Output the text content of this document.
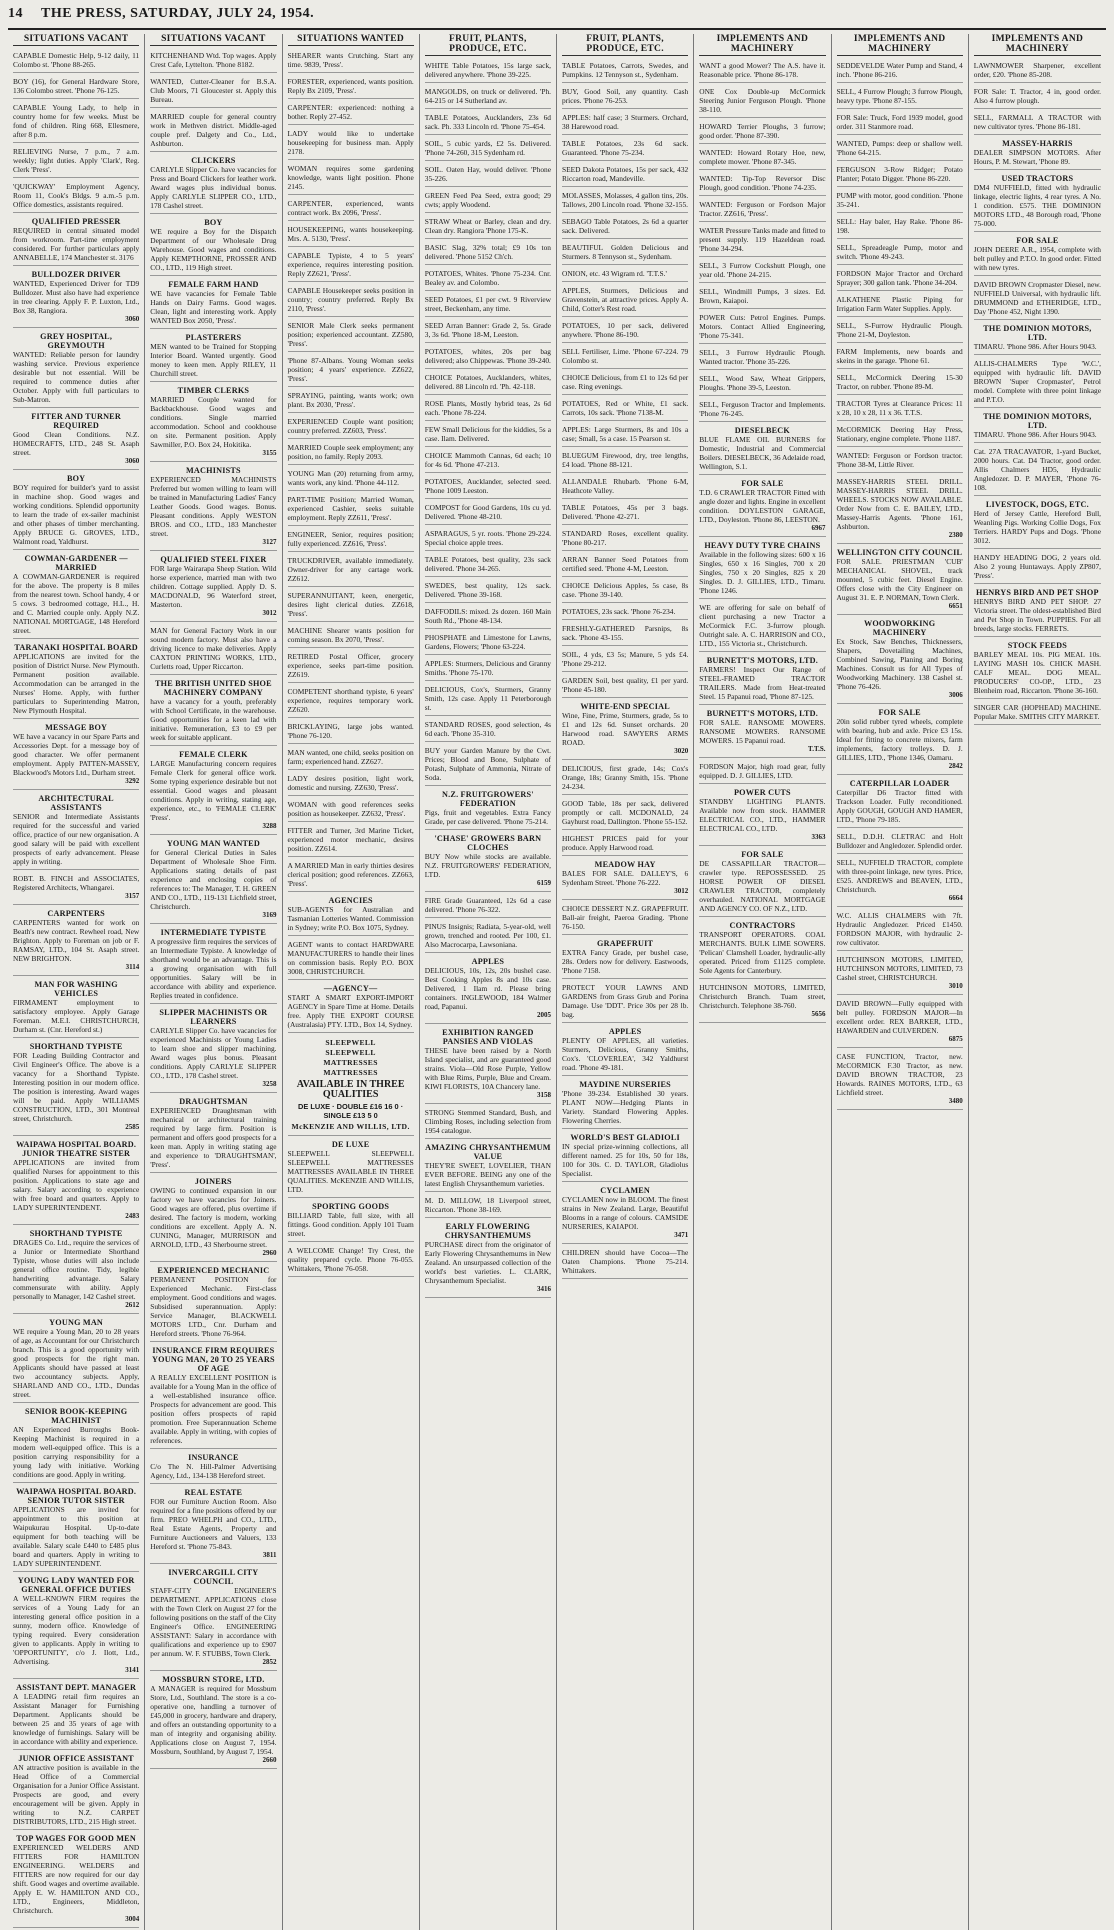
14 THE PRESS, SATURDAY, JULY 24, 1954.
SITUATIONS VACANT
CAPABLE Domestic Help, 9-12 daily, 11 Colombo st. 'Phone 88-265.
BOY (16), for General Hardware Store, 136 Colombo street. 'Phone 76-125.
CAPABLE Young Lady, to help in country home for few weeks. Must be fond of children. Ring 668, Ellesmere, after 8 p.m.
RELIEVING Nurse, 7 p.m., 7 a.m. weekly; light duties. Apply 'Clark', Reg. Clerk 'Press'.
'QUICKWAY' Employment Agency, Room 11, Cook's Bldgs. 9 a.m.-5 p.m. Office domestics, assistants required.
QUALIFIED PRESSER
REQUIRED in central situated model from workroom. Part-time employment considered. For further particulars apply ANNABELLE, 174 Manchester st. 3176
BULLDOZER DRIVER
WANTED, Experienced Driver for TD9 Bulldozer. Must also have had experience in tree clearing. Apply F. P. Luxton, Ltd., Box 38, Rangiora.
3060
GREY HOSPITAL, GREYMOUTH
WANTED: Reliable person for laundry washing service. Previous experience desirable but not essential. Will be required to commence duties after October. Apply with full particulars to Sub-Matron.
FITTER AND TURNER REQUIRED
Good Clean Conditions. N.Z. HOMECRAFTS, LTD., 248 St. Asaph street.
3060
BOY
BOY required for builder's yard to assist in machine shop. Good wages and working conditions. Splendid opportunity to learn the trade of ex-sailer machinist and other phases of timber merchanting. Apply BRUCE G. GROVES, LTD., Walmont road, Yaldhurst.
COWMAN-GARDENER — MARRIED
A COWMAN-GARDENER is required for the above. The property is 8 miles from the nearest town. School handy, 4 or 5 cows. 3 bedroomed cottage, H.L., H. and C. Married couple only. Apply N.Z. NATIONAL MORTGAGE, 148 Hereford street.
TARANAKI HOSPITAL BOARD
APPLICATIONS are invited for the position of District Nurse. New Plymouth. Permanent position available. Accommodation can be arranged in the Nurses' Home. Apply, with further particulars to Superintending Matron, New Plymouth Hospital.
MESSAGE BOY
WE have a vacancy in our Spare Parts and Accessories Dept. for a message boy of good character. We offer permanent employment. Apply PATTEN-MASSEY, Blackwood's Motors Ltd., Durham street.
3292
ARCHITECTURAL ASSISTANTS
SENIOR and Intermediate Assistants required for the successful and varied office, practice of our new organisation. A good salary will be paid with excellent prospects of early advancement. Please apply in writing.
ROBT. B. FINCH and ASSOCIATES, Registered Architects, Whangarei.
3157
CARPENTERS
CARPENTERS wanted for work on Beath's new contract. Rewheel road, New Brighton. Apply to Foreman on job or F. RAMSAY, LTD., 104 St. Asaph street. NEW BRIGHTON.
3114
MAN FOR WASHING VEHICLES
FIRMAMENT employment to satisfactory employee. Apply Garage Foreman. M.E.I. CHRISTCHURCH, Durham st. (Cnr. Hereford st.)
SHORTHAND TYPISTE
FOR Leading Building Contractor and Civil Engineer's Office. The above is a vacancy for a Shorthand Typiste. Interesting position in our modern office. The position is interesting. Award wages will be paid. Apply WILLIAMS CONSTRUCTION, LTD., 301 Montreal street, Christchurch.
2585
WAIPAWA HOSPITAL BOARD. JUNIOR THEATRE SISTER
APPLICATIONS are invited from qualified Nurses for appointment to this position. Applications to state age and salary. Salary according to experience with free board and quarters. Apply to LADY SUPERINTENDENT.
2483
SHORTHAND TYPISTE
DRAGES Co. Ltd., require the services of a Junior or Intermediate Shorthand Typiste, whose duties will also include general office routine. Tidy, legible handwriting advantage. Salary commensurate with ability. Apply personally to Manager, 142 Cashel street.
2612
YOUNG MAN
WE require a Young Man, 20 to 28 years of age, as Accountant for our Christchurch branch. This is a good opportunity with good prospects for the right man. Applicants should have passed at least two accountancy subjects. Apply, SHARLAND AND CO., LTD., Dundas street.
SENIOR BOOK-KEEPING MACHINIST
AN Experienced Burroughs Book-Keeping Machinist is required in a modern well-equipped office. This is a position carrying responsibility for a young lady with initiative. Working conditions are good. Apply in writing.
WAIPAWA HOSPITAL BOARD. SENIOR TUTOR SISTER
APPLICATIONS are invited for appointment to this position at Waipukurau Hospital. Up-to-date equipment for both teaching will be available. Salary scale £440 to £485 plus board and quarters. Apply in writing to LADY SUPERINTENDENT.
YOUNG LADY WANTED FOR GENERAL OFFICE DUTIES
A WELL-KNOWN FIRM requires the services of a Young Lady for an interesting general office position in a sunny, modern office. Knowledge of typing required. Every consideration given to applicants. Apply in writing to 'OPPORTUNITY', c/o J. Ilott, Ltd., Advertising.
3141
ASSISTANT DEPT. MANAGER
A LEADING retail firm requires an Assistant Manager for Furnishing Department. Applicants should be between 25 and 35 years of age with knowledge of furnishings. Salary will be in accordance with ability and experience.
JUNIOR OFFICE ASSISTANT
AN attractive position is available in the Head Office of a Commercial Organisation for a Junior Office Assistant. Prospects are good, and every encouragement will be given. Apply in writing to N.Z. CARPET DISTRIBUTORS, LTD., 215 High street.
TOP WAGES FOR GOOD MEN
EXPERIENCED WELDERS AND FITTERS FOR HAMILTON ENGINEERING. WELDERS and FITTERS are now required for our day shift. Good wages and overtime available. Apply E. W. HAMILTON AND CO., LTD., Engineers, Middleton, Christchurch.
3004
SITUATIONS VACANT
KITCHENHAND Wtd. Top wages. Apply Crest Cafe, Lyttelton. 'Phone 8182.
WANTED, Cutter-Cleaner for B.S.A. Club Moors, 71 Gloucester st. Apply this Bureau.
MARRIED couple for general country work in Methven district. Middle-aged couple pref. Dalgety and Co., Ltd., Ashburton.
CLICKERS
CARLYLE Slipper Co. have vacancies for Press and Board Clickers for leather work. Award wages plus individual bonus. Apply CARLYLE SLIPPER CO., LTD., 178 Cashel street.
BOY
WE require a Boy for the Dispatch Department of our Wholesale Drug Warehouse. Good wages and conditions. Apply KEMPTHORNE, PROSSER AND CO., LTD., 119 High street.
FEMALE FARM HAND
WE have vacancies for Female Table Hands on Dairy Farms. Good wages. Clean, light and interesting work. Apply WANTED Box 2050, 'Press'.
PLASTERERS
MEN wanted to be Trained for Stopping Interior Board. Wanted urgently. Good money to keen men. Apply RILEY, 11 Churchill street.
TIMBER CLERKS
MARRIED Couple wanted for Backbackhouse. Good wages and conditions. Single married accommodation. School and cookhouse on site. Permanent position. Apply Sawmiller, P.O. Box 24, Hokitika.
3155
MACHINISTS
EXPERIENCED MACHINISTS Preferred but women willing to learn will be trained in Manufacturing Ladies' Fancy Leather Goods. Good wages. Bonus. Pleasant conditions. Apply WESTON BROS. and CO., LTD., 183 Manchester street.
3127
QUALIFIED STEEL FIXER
FOR large Wairarapa Sheep Station. Wild horse experience, married man with two children. Cottage supplied. Apply D. S. MACDONALD, 96 Waterford street, Masterton.
3012
MAN for General Factory Work in our sound modern factory. Must also have a driving licence to make deliveries. Apply CAXTON PRINTING WORKS, LTD., Curletts road, Upper Riccarton.
THE BRITISH UNITED SHOE MACHINERY COMPANY
have a vacancy for a youth, preferably with School Certificate, in the warehouse. Good opportunities for a keen lad with initiative. Remuneration, £3 to £9 per week for suitable applicant.
FEMALE CLERK
LARGE Manufacturing concern requires Female Clerk for general office work. Some typing experience desirable but not essential. Good wages and pleasant conditions. Apply in writing, stating age, experience, etc., to 'FEMALE CLERK' 'Press'.
3288
YOUNG MAN WANTED
for General Clerical Duties in Sales Department of Wholesale Shoe Firm. Applications stating details of past experience and enclosing copies of references to: The Manager, T. H. GREEN AND CO., LTD., 119-131 Lichfield street, Christchurch.
3169
INTERMEDIATE TYPISTE
A progressive firm requires the services of an Intermediate Typiste. A knowledge of shorthand would be an advantage. This is a growing organisation with full opportunities. Salary will be in accordance with ability and experience. Replies treated in confidence.
SLIPPER MACHINISTS OR LEARNERS
CARLYLE Slipper Co. have vacancies for experienced Machinists or Young Ladies to learn shoe and slipper machining. Award wages plus bonus. Pleasant conditions. Apply CARLYLE SLIPPER CO., LTD., 178 Cashel street.
3258
DRAUGHTSMAN
EXPERIENCED Draughtsman with mechanical or architectural training required by large firm. Position is permanent and offers good prospects for a keen man. Apply in writing stating age and experience to 'DRAUGHTSMAN', 'Press'.
JOINERS
OWING to continued expansion in our factory we have vacancies for Joiners. Good wages are offered, plus overtime if desired. The factory is modern, working conditions are excellent. Apply A. N. CUNING, Manager, MURRISON and ARNOLD, LTD., 43 Sherbourne street.
2960
EXPERIENCED MECHANIC
PERMANENT POSITION for Experienced Mechanic. First-class employment. Good conditions and wages. Subsidised superannuation. Apply: Service Manager, BLACKWELL MOTORS LTD., Cnr. Durham and Hereford streets. 'Phone 76-964.
INSURANCE FIRM REQUIRES YOUNG MAN, 20 TO 25 YEARS OF AGE
A REALLY EXCELLENT POSITION is available for a Young Man in the office of a well-established insurance office. Prospects for advancement are good. This position offers prospects of rapid promotion. Free Superannuation Scheme available. Apply in writing, with copies of references.
INSURANCE
C/o The N. Hill-Palmer Advertising Agency, Ltd., 134-138 Hereford street.
REAL ESTATE
FOR our Furniture Auction Room. Also required for a fine positions offered by our firm. PREO WHELPH and CO., LTD., Real Estate Agents, Property and Furniture Auctioneers and Valuers, 133 Hereford st. 'Phone 75-843.
3811
INVERCARGILL CITY COUNCIL
STAFF-CITY ENGINEER'S DEPARTMENT. APPLICATIONS close with the Town Clerk on August 27 for the following positions on the staff of the City Engineer's Office. ENGINEERING ASSISTANT: Salary in accordance with qualifications and experience up to £907 per annum. W. F. STUBBS, Town Clerk.
2852
MOSSBURN STORE, LTD.
A MANAGER is required for Mossburn Store, Ltd., Southland. The store is a co-operative one, handling a turnover of £45,000 in grocery, hardware and drapery, and offers an outstanding opportunity to a man of integrity and organising ability. Applications close on August 7, 1954. Mossburn, Southland, by August 7, 1954.
2660
SITUATIONS WANTED
SHEARER wants Crutching. Start any time. 9839, 'Press'.
FORESTER, experienced, wants position. Reply Bx 2109, 'Press'.
CARPENTER: experienced: nothing a bother. Reply 27-452.
LADY would like to undertake housekeeping for business man. Apply 2178.
WOMAN requires some gardening knowledge, wants light position. Phone 2145.
CARPENTER, experienced, wants contract work. Bx 2096, 'Press'.
HOUSEKEEPING, wants housekeeping. Mrs. A. 5130, 'Press'.
CAPABLE Typiste, 4 to 5 years' experience, requires interesting position. Reply ZZ621, 'Press'.
CAPABLE Housekeeper seeks position in country; country preferred. Reply Bx 2110, 'Press'.
SENIOR Male Clerk seeks permanent position; experienced accountant. ZZ580, 'Press'.
'Phone 87-Albans. Young Woman seeks position; 4 years' experience. ZZ622, 'Press'.
SPRAYING, painting, wants work; own plant. Bx 2030, 'Press'.
EXPERIENCED Couple want position; country preferred. ZZ603, 'Press'.
MARRIED Couple seek employment; any position, no family. Reply 2093.
YOUNG Man (20) returning from army, wants work, any kind. 'Phone 44-112.
PART-TIME Position; Married Woman, experienced Cashier, seeks suitable employment. Reply ZZ611, 'Press'.
ENGINEER, Senior, requires position; fully experienced. ZZ616, 'Press'.
TRUCKDRIVER, available immediately. Owner-driver for any cartage work. ZZ612.
SUPERANNUITANT, keen, energetic, desires light clerical duties. ZZ618, 'Press'.
MACHINE Shearer wants position for coming season. Bx 2070, 'Press'.
RETIRED Postal Officer, grocery experience, seeks part-time position. ZZ619.
COMPETENT shorthand typiste, 6 years' experience, requires temporary work. ZZ620.
BRICKLAYING, large jobs wanted. 'Phone 76-120.
MAN wanted, one child, seeks position on farm; experienced hand. ZZ627.
LADY desires position, light work, domestic and nursing. ZZ630, 'Press'.
WOMAN with good references seeks position as housekeeper. ZZ632, 'Press'.
FITTER and Turner, 3rd Marine Ticket, experienced motor mechanic, desires position. ZZ614.
A MARRIED Man in early thirties desires clerical position; good references. ZZ663, 'Press'.
AGENCIES
SUB-AGENTS for Australian and Tasmanian Lotteries Wanted. Commission in Sydney; write P.O. Box 1075, Sydney.
AGENT wants to contact HARDWARE MANUFACTURERS to handle their lines on commission basis. Reply P.O. BOX 3008, CHRISTCHURCH.
—AGENCY—
START A SMART EXPORT-IMPORT AGENCY in Spare Time at Home. Details free. Apply THE EXPORT COURSE (Australasia) PTY. LTD., Box 14, Sydney.
SLEEPWELL
SLEEPWELL
MATTRESSES
MATTRESSES
AVAILABLE IN THREE QUALITIES
DE LUXE · DOUBLE £16 16 0 · SINGLE £13 5 0
McKENZIE AND WILLIS, LTD.
DE LUXE
SLEEPWELL SLEEPWELL SLEEPWELL MATTRESSES MATTRESSES AVAILABLE IN THREE QUALITIES. McKENZIE AND WILLIS, LTD.
SPORTING GOODS
BILLIARD Table, full size, with all fittings. Good condition. Apply 101 Tuam street.
A WELCOME Change! Try Crest, the quality prepared cycle. Phone 76-055. Whittakers, 'Phone 76-058.
FRUIT, PLANTS, PRODUCE, ETC.
WHITE Table Potatoes, 15s large sack, delivered anywhere. 'Phone 39-225.
MANGOLDS, on truck or delivered. 'Ph. 64-215 or 14 Sutherland av.
TABLE Potatoes, Aucklanders, 23s 6d sack. Ph. 333 Lincoln rd. 'Phone 75-454.
SOIL, 5 cubic yards, £2 5s. Delivered. 'Phone 74-260, 315 Sydenham rd.
SOIL. Oaten Hay, would deliver. 'Phone 35-226.
GREEN Feed Pea Seed, extra good; 29 cwts; apply Woodend.
STRAW Wheat or Barley, clean and dry. Clean dry. Rangiora 'Phone 175-K.
BASIC Slag, 32% total; £9 10s ton delivered. 'Phone 5152 Ch'ch.
POTATOES, Whites. 'Phone 75-234. Cnr. Bealey av. and Colombo.
SEED Potatoes, £1 per cwt. 9 Riverview street, Beckenham, any time.
SEED Arran Banner: Grade 2, 5s. Grade 3, 3s 6d. 'Phone 18-M, Leeston.
POTATOES, whites, 20s per bag delivered; also Chippewas. 'Phone 39-240.
CHOICE Potatoes, Aucklanders, whites, delivered. 88 Lincoln rd. 'Ph. 42-118.
ROSE Plants, Mostly hybrid teas, 2s 6d each. 'Phone 78-224.
FEW Small Delicious for the kiddies, 5s a case. Ilam. Delivered.
CHOICE Mammoth Cannas, 6d each; 10 for 4s 6d. 'Phone 47-213.
POTATOES, Aucklander, selected seed. 'Phone 1009 Leeston.
COMPOST for Good Gardens, 10s cu yd. Delivered. 'Phone 48-210.
ASPARAGUS, 5 yr. roots. 'Phone 29-224. Special choice apple trees.
TABLE Potatoes, best quality, 23s sack delivered. 'Phone 34-265.
SWEDES, best quality, 12s sack. Delivered. 'Phone 39-168.
DAFFODILS: mixed. 2s dozen. 160 Main South Rd., 'Phone 48-134.
PHOSPHATE and Limestone for Lawns, Gardens, Flowers; 'Phone 63-224.
APPLES: Sturmers, Delicious and Granny Smiths. 'Phone 75-170.
DELICIOUS, Cox's, Sturmers, Granny Smith, 12s case. Apply 11 Peterborough st.
STANDARD ROSES, good selection, 4s 6d each. 'Phone 35-310.
BUY your Garden Manure by the Cwt. Prices; Blood and Bone, Sulphate of Potash, Sulphate of Ammonia, Nitrate of Soda.
N.Z. FRUITGROWERS' FEDERATION
Pigs, fruit and vegetables. Extra Fancy Grade, per case delivered. 'Phone 75-214.
'CHASE' GROWERS BARN CLOCHES
BUY Now while stocks are available. N.Z. FRUITGROWERS' FEDERATION, LTD.
6159
FIRE Grade Guaranteed, 12s 6d a case delivered. 'Phone 76-322.
PINUS Insignis; Radiata, 5-year-old, well grown, trenched and rooted. Per 100, £1. Also Macrocarpa, Lawsoniana.
APPLES
DELICIOUS, 10s, 12s, 20s bushel case. Best Cooking Apples 8s and 10s case. Delivered, 1 Ilam rd. Please bring containers. INGLEWOOD, 184 Walmer road, Papanui.
2005
EXHIBITION RANGED PANSIES AND VIOLAS
THESE have been raised by a North Island specialist, and are guaranteed good strains. Viola—Old Rose Purple, Yellow with Blue Rims, Purple, Blue and Cream. KIWI FLORISTS, 10A Chancery lane.
3158
STRONG Stemmed Standard, Bush, and Climbing Roses, including selection from 1954 catalogue.
AMAZING CHRYSANTHEMUM VALUE
THEY'RE SWEET, LOVELIER, THAN EVER BEFORE. BEING any one of the latest English Chrysanthemum varieties.
M. D. MILLOW, 18 Liverpool street, Riccarton. 'Phone 38-169.
EARLY FLOWERING CHRYSANTHEMUMS
PURCHASE direct from the originator of Early Flowering Chrysanthemums in New Zealand. An unsurpassed collection of the world's best varieties. L. CLARK, Chrysanthemum Specialist.
3416
FRUIT, PLANTS, PRODUCE, ETC.
TABLE Potatoes, Carrots, Swedes, and Pumpkins. 12 Tennyson st., Sydenham.
BUY, Good Soil, any quantity. Cash prices. 'Phone 76-253.
APPLES: half case; 3 Sturmers. Orchard, 38 Harewood road.
TABLE Potatoes, 23s 6d sack. Guaranteed. 'Phone 75-234.
SEED Dakota Potatoes, 15s per sack, 432 Riccarton road, Mandeville.
MOLASSES, Molasses, 4 gallon tins, 20s. Tallows, 200 Lincoln road. 'Phone 32-155.
SEBAGO Table Potatoes, 2s 6d a quarter sack. Delivered.
BEAUTIFUL Golden Delicious and Sturmers. 8 Tennyson st., Sydenham.
ONION, etc. 43 Wigram rd. 'T.T.S.'
APPLES, Sturmers, Delicious and Gravenstein, at attractive prices. Apply A. Child, Cotter's Rest road.
POTATOES, 10 per sack, delivered anywhere. 'Phone 86-190.
SELL Fertiliser, Lime. 'Phone 67-224. 79 Colombo st.
CHOICE Delicious, from £1 to 12s 6d per case. Ring evenings.
POTATOES, Red or White, £1 sack. Carrots, 10s sack. 'Phone 7138-M.
APPLES: Large Sturmers, 8s and 10s a case; Small, 5s a case. 15 Pearson st.
BLUEGUM Firewood, dry, tree lengths, £4 load. 'Phone 88-121.
ALLANDALE Rhubarb. 'Phone 6-M, Heathcote Valley.
TABLE Potatoes, 45s per 3 bags. Delivered. 'Phone 42-271.
STANDARD Roses, excellent quality. 'Phone 80-217.
ARRAN Banner Seed Potatoes from certified seed. 'Phone 4-M, Leeston.
CHOICE Delicious Apples, 5s case, 8s case. 'Phone 39-140.
POTATOES, 23s sack. 'Phone 76-234.
FRESHLY-GATHERED Parsnips, 8s sack. 'Phone 43-155.
SOIL, 4 yds, £3 5s; Manure, 5 yds £4. 'Phone 29-212.
GARDEN Soil, best quality, £1 per yard. 'Phone 45-180.
WHITE-END SPECIAL
Wine, Fine, Prime, Sturmers, grade, 5s to £1 and 12s 6d. Sunset orchards. 20 Harwood road. SAWYERS ARMS ROAD.
3020
DELICIOUS, first grade, 14s; Cox's Orange, 18s; Granny Smith, 15s. 'Phone 24-234.
GOOD Table, 18s per sack, delivered promptly or call. MCDONALD, 24 Gayhurst road, Dallington. 'Phone 55-152.
HIGHEST PRICES paid for your produce. Apply Harwood road.
MEADOW HAY
BALES FOR SALE. DALLEY'S, 6 Sydenham Street. 'Phone 76-222.
3012
CHOICE DESSERT N.Z. GRAPEFRUIT. Ball-air freight, Paeroa Grading. 'Phone 76-150.
GRAPEFRUIT
EXTRA Fancy Grade, per bushel case, 28s. Orders now for delivery. Eastwoods, 'Phone 7158.
PROTECT YOUR LAWNS AND GARDENS from Grass Grub and Porina Damage. Use 'DDT'. Price 30s per 28 lb. bag.
APPLES
PLENTY OF APPLES, all varieties. Sturmers, Delicious, Granny Smiths, Cox's. 'CLOVERLEA', 342 Yaldhurst road. 'Phone 49-181.
MAYDINE NURSERIES
'Phone 39-234. Established 30 years. PLANT NOW—Hedging Plants in Variety. Standard Flowering Apples. Flowering Cherries.
WORLD'S BEST GLADIOLI
IN special prize-winning collections, all different named. 25 for 10s, 50 for 18s, 100 for 30s. C. D. TAYLOR, Gladiolus Specialist.
CYCLAMEN
CYCLAMEN now in BLOOM. The finest strains in New Zealand. Large, Beautiful Blooms in a range of colours. CAMSIDE NURSERIES, KAIAPOI.
3471
CHILDREN should have Cocoa—The Oaten Champions. 'Phone 75-214. Whittakers.
IMPLEMENTS AND MACHINERY
WANT a good Mower? The A.S. have it. Reasonable price. 'Phone 86-178.
ONE Cox Double-up McCormick Steering Junior Ferguson Plough. 'Phone 38-110.
HOWARD Terrier Ploughs, 3 furrow; good order. 'Phone 87-390.
WANTED: Howard Rotary Hoe, new, complete mower. 'Phone 87-345.
WANTED: Tip-Top Reversor Disc Plough, good condition. 'Phone 74-235.
WANTED: Ferguson or Fordson Major Tractor. ZZ616, 'Press'.
WATER Pressure Tanks made and fitted to present supply. 119 Hazeldean road. 'Phone 34-294.
SELL, 3 Furrow Cockshutt Plough, one year old. 'Phone 24-215.
SELL, Windmill Pumps, 3 sizes. Ed. Brown, Kaiapoi.
POWER Cuts: Petrol Engines. Pumps. Motors. Contact Allied Engineering, 'Phone 75-341.
SELL, 3 Furrow Hydraulic Plough. Wanted tractor. 'Phone 35-226.
SELL, Wood Saw, Wheat Grippers, Ploughs. 'Phone 39-5, Leeston.
SELL, Ferguson Tractor and Implements. 'Phone 76-245.
DIESELBECK
BLUE FLAME OIL BURNERS for Domestic, Industrial and Commercial Boilers. DIESELBECK, 36 Adelaide road, Wellington, S.1.
FOR SALE
T.D. 6 CRAWLER TRACTOR Fitted with angle dozer and lights. Engine in excellent condition. DOYLESTON GARAGE, LTD., Doyleston. 'Phone 86, LEESTON.
6967
HEAVY DUTY TYRE CHAINS
Available in the following sizes: 600 x 16 Singles, 650 x 16 Singles, 700 x 20 Singles, 750 x 20 Singles, 825 x 20 Singles. D. J. GILLIES, LTD., Timaru. 'Phone 1246.
WE are offering for sale on behalf of client purchasing a new Tractor a McCormick F.C. 3-furrow plough. Outright sale. A. C. HARRISON and CO., LTD., 155 Victoria st., Christchurch.
BURNETT'S MOTORS, LTD.
FARMERS! Inspect Our Range of STEEL-FRAMED TRACTOR TRAILERS. Made from Heat-treated Steel. 15 Papanui road, 'Phone 87-125.
BURNETT'S MOTORS, LTD.
FOR SALE. RANSOME MOWERS. RANSOME MOWERS. RANSOME MOWERS. 15 Papanui road.
T.T.S.
FORDSON Major, high road gear, fully equipped. D. J. GILLIES, LTD.
POWER CUTS
STANDBY LIGHTING PLANTS. Available now from stock. HAMMER ELECTRICAL CO., LTD., HAMMER ELECTRICAL CO., LTD.
3363
FOR SALE
DE CASSAPILLAR TRACTOR—crawler type. REPOSSESSED. 25 HORSE POWER OF DIESEL CRAWLER TRACTOR, completely overhauled. NATIONAL MORTGAGE AND AGENCY CO. OF N.Z., LTD.
CONTRACTORS
TRANSPORT OPERATORS. COAL MERCHANTS. BULK LIME SOWERS. 'Pelican' Clamshell Loader, hydraulic-ally operated. Priced from £1125 complete. Sole Agents for Canterbury.
HUTCHINSON MOTORS, LIMITED, Christchurch Branch. Tuam street, Christchurch. Telephone 38-760.
5656
IMPLEMENTS AND MACHINERY
SEDDEVELDE Water Pump and Stand, 4 inch. 'Phone 86-216.
SELL, 4 Furrow Plough; 3 furrow Plough, heavy type. 'Phone 87-155.
FOR Sale: Truck, Ford 1939 model, good order. 311 Stanmore road.
WANTED, Pumps: deep or shallow well. 'Phone 64-215.
FERGUSON 3-Row Ridger; Potato Planter; Potato Digger. 'Phone 86-220.
PUMP with motor, good condition. 'Phone 35-241.
SELL: Hay baler, Hay Rake. 'Phone 86-198.
SELL, Spreadeagle Pump, motor and switch. 'Phone 49-243.
FORDSON Major Tractor and Orchard Sprayer; 300 gallon tank. 'Phone 34-204.
ALKATHENE Plastic Piping for Irrigation Farm Water Supplies. Apply.
SELL, S-Furrow Hydraulic Plough. 'Phone 21-M, Doyleston.
FARM Implements, new boards and skeins in the garage. 'Phone 61.
SELL, McCormick Deering 15-30 Tractor, on rubber. 'Phone 89-M.
TRACTOR Tyres at Clearance Prices: 11 x 28, 10 x 28, 11 x 36. T.T.S.
McCORMICK Deering Hay Press, Stationary, engine complete. 'Phone 1187.
WANTED: Ferguson or Fordson tractor. 'Phone 38-M, Little River.
MASSEY-HARRIS STEEL DRILL. MASSEY-HARRIS STEEL DRILL. WHEELS. STOCKS NOW AVAILABLE. Order Now from C. E. BAILEY, LTD., Massey-Harris Agents. 'Phone 161, Ashburton.
2380
WELLINGTON CITY COUNCIL
FOR SALE. PRIESTMAN 'CUB' MECHANICAL SHOVEL, track mounted, 5 cubic feet. Diesel Engine. Offers close with the City Engineer on August 31. E. P. NORMAN, Town Clerk.
6651
WOODWORKING MACHINERY
Ex Stock, Saw Benches, Thicknessers, Shapers, Dovetailing Machines, Combined Sawing, Planing and Boring Machines. Consult us for All Types of Woodworking Machinery. 138 Cashel st. 'Phone 76-426.
3006
FOR SALE
20in solid rubber tyred wheels, complete with bearing, hub and axle. Price £3 15s. Ideal for fitting to concrete mixers, farm implements, factory trolleys. D. J. GILLIES, LTD., 'Phone 1346, Oamaru.
2842
CATERPILLAR LOADER
Caterpillar D6 Tractor fitted with Trackson Loader. Fully reconditioned. Apply GOUGH, GOUGH AND HAMER, LTD., 'Phone 79-185.
SELL, D.D.H. CLETRAC and Holt Bulldozer and Angledozer. Splendid order.
SELL, NUFFIELD TRACTOR, complete with three-point linkage, new tyres. Price, £525. ANDREWS and BEAVEN, LTD., Christchurch.
6664
W.C. ALLIS CHALMERS with 7ft. Hydraulic Angledozer. Priced £1450. FORDSON MAJOR, with hydraulic 2-row cultivator.
HUTCHINSON MOTORS, LIMITED, HUTCHINSON MOTORS, LIMITED, 73 Cashel street, CHRISTCHURCH.
3010
DAVID BROWN—Fully equipped with belt pulley. FORDSON MAJOR—In excellent order. REX BARKER, LTD., HAWARDEN and CULVERDEN.
6875
CASE FUNCTION, Tractor, new. McCORMICK F.30 Tractor, as new. DAVID BROWN TRACTOR, 23 Howards. RAINES MOTORS, LTD., 63 Lichfield street.
3480
IMPLEMENTS AND MACHINERY
LAWNMOWER Sharpener, excellent order, £20. 'Phone 85-208.
FOR Sale: T. Tractor, 4 in, good order. Also 4 furrow plough.
SELL, FARMALL A TRACTOR with new cultivator tyres. 'Phone 86-181.
MASSEY-HARRIS
DEALER SIMPSON MOTORS. After Hours, P. M. Stewart, 'Phone 89.
USED TRACTORS
DM4 NUFFIELD, fitted with hydraulic linkage, electric lights, 4 rear tyres. A No. 1 condition. £575. THE DOMINION MOTORS LTD., 48 Borough road, 'Phone 75-000.
FOR SALE
JOHN DEERE A.R., 1954, complete with belt pulley and P.T.O. In good order. Fitted with new tyres.
DAVID BROWN Cropmaster Diesel, new. NUFFIELD Universal, with hydraulic lift. DRUMMOND and ETHERIDGE, LTD., Day 'Phone 452, Night 1390.
THE DOMINION MOTORS, LTD.
TIMARU. 'Phone 986. After Hours 9043.
ALLIS-CHALMERS Type 'W.C.', equipped with hydraulic lift. DAVID BROWN 'Super Cropmaster', Petrol model. Complete with three point linkage and P.T.O.
THE DOMINION MOTORS, LTD.
TIMARU. 'Phone 986. After Hours 9043.
Cat. 27A TRACAVATOR, 1-yard Bucket, 2000 hours. Cat. D4 Tractor, good order. Allis Chalmers HD5, Hydraulic Angledozer. D. P. MAYER, 'Phone 76-108.
LIVESTOCK, DOGS, ETC.
Herd of Jersey Cattle, Hereford Bull, Weanling Pigs. Working Collie Dogs, Fox Terriers. HARDY Pups and Dogs. 'Phone 3012.
HANDY HEADING DOG, 2 years old. Also 2 young Huntaways. Apply ZP807, 'Press'.
HENRYS BIRD AND PET SHOP
HENRYS BIRD AND PET SHOP. 27 Victoria street. The oldest-established Bird and Pet Shop in Town. PUPPIES. For all breeds, large stocks. FERRETS.
STOCK FEEDS
BARLEY MEAL 10s. PIG MEAL 10s. LAYING MASH 10s. CHICK MASH. CALF MEAL. DOG MEAL. PRODUCERS' CO-OP., LTD., 23 Blenheim road, Riccarton. 'Phone 36-160.
SINGER CAR (HOPHEAD) MACHINE. Popular Make. SMITHS CITY MARKET.
